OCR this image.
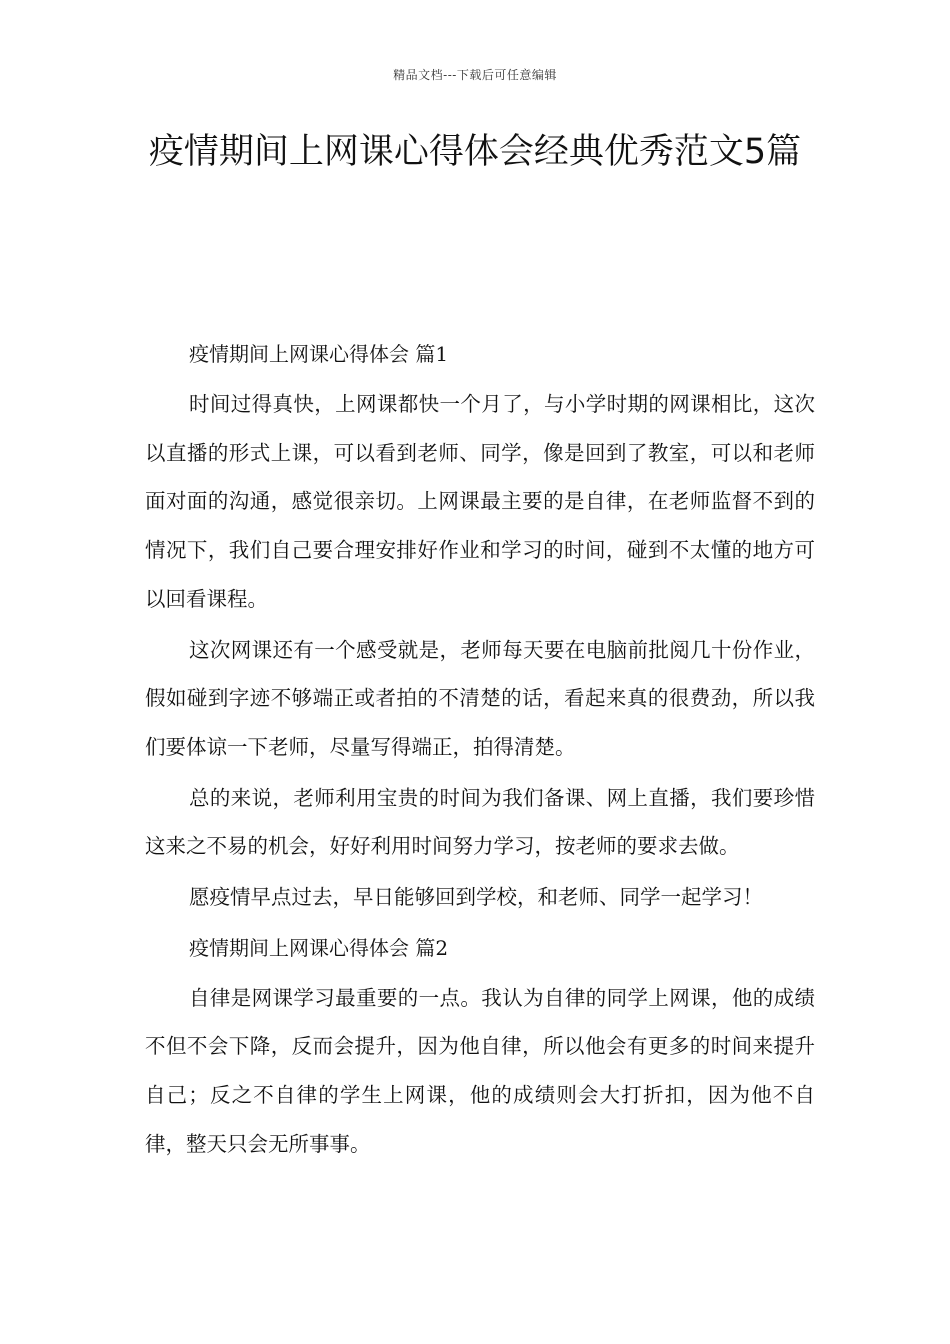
精品文档---下载后可任意编辑
疫情期间上网课心得体会经典优秀范文5篇

疫情期间上网课心得体会 篇1

时间过得真快，上网课都快一个月了，与小学时期的网课相比，这次以直播的形式上课，可以看到老师、同学，像是回到了教室，可以和老师面对面的沟通，感觉很亲切。上网课最主要的是自律，在老师监督不到的情况下，我们自己要合理安排好作业和学习的时间，碰到不太懂的地方可以回看课程。

这次网课还有一个感受就是，老师每天要在电脑前批阅几十份作业，假如碰到字迹不够端正或者拍的不清楚的话，看起来真的很费劲，所以我们要体谅一下老师，尽量写得端正，拍得清楚。

总的来说，老师利用宝贵的时间为我们备课、网上直播，我们要珍惜这来之不易的机会，好好利用时间努力学习，按老师的要求去做。

愿疫情早点过去，早日能够回到学校，和老师、同学一起学习！

疫情期间上网课心得体会 篇2

自律是网课学习最重要的一点。我认为自律的同学上网课，他的成绩不但不会下降，反而会提升，因为他自律，所以他会有更多的时间来提升自己；反之不自律的学生上网课，他的成绩则会大打折扣，因为他不自律，整天只会无所事事。
